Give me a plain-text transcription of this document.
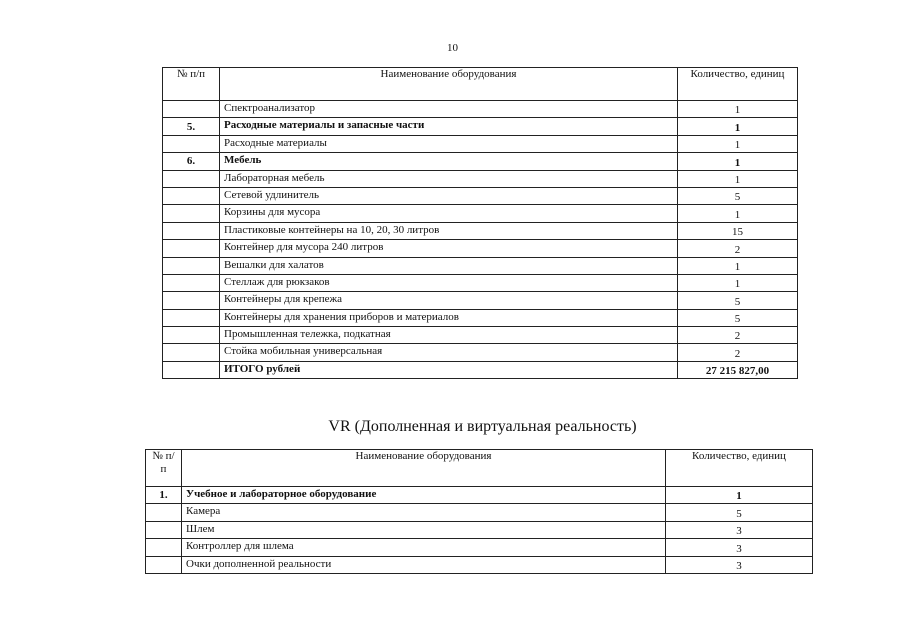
10
№ п/п	Наименование оборудования	Количество, единиц
	Спектроанализатор	1
5.	Расходные материалы и запасные части	1
	Расходные материалы	1
6.	Мебель	1
	Лабораторная мебель	1
	Сетевой удлинитель	5
	Корзины для мусора	1
	Пластиковые контейнеры на 10, 20, 30 литров	15
	Контейнер для мусора 240 литров	2
	Вешалки для халатов	1
	Стеллаж для рюкзаков	1
	Контейнеры для крепежа	5
	Контейнеры для хранения приборов и материалов	5
	Промышленная тележка, подкатная	2
	Стойка мобильная универсальная	2
	ИТОГО рублей	27 215 827,00
VR (Дополненная и виртуальная реальность)
№ п/п	Наименование оборудования	Количество, единиц
1.	Учебное и лабораторное оборудование	1
	Камера	5
	Шлем	3
	Контроллер для шлема	3
	Очки дополненной реальности	3
